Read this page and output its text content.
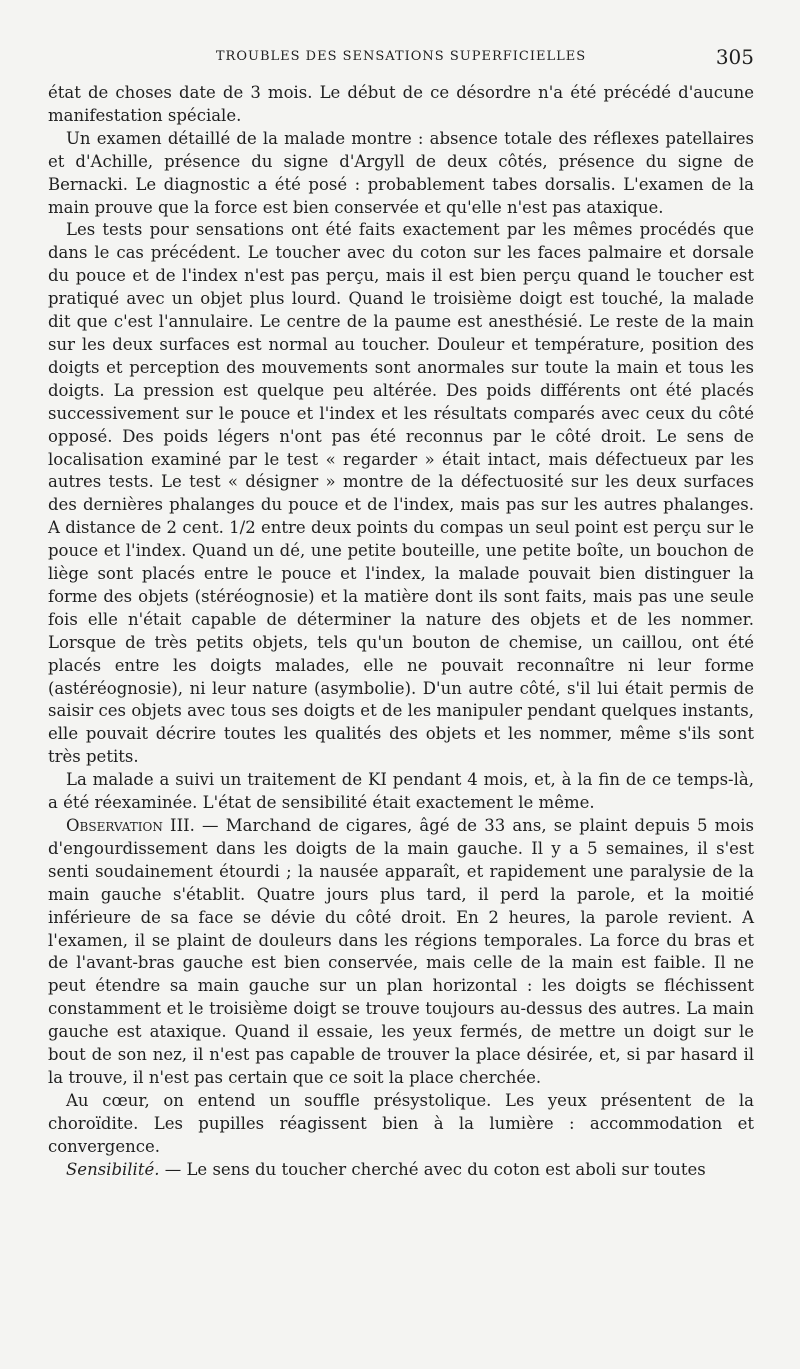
TROUBLES DES SENSATIONS SUPERFICIELLES	305

état de choses date de 3 mois. Le début de ce désordre n'a été précédé d'aucune manifestation spéciale.

Un examen détaillé de la malade montre : absence totale des réflexes patellaires et d'Achille, présence du signe d'Argyll de deux côtés, présence du signe de Bernacki. Le diagnostic a été posé : probablement tabes dorsalis. L'examen de la main prouve que la force est bien conservée et qu'elle n'est pas ataxique.

Les tests pour sensations ont été faits exactement par les mêmes procédés que dans le cas précédent. Le toucher avec du coton sur les faces palmaire et dorsale du pouce et de l'index n'est pas perçu, mais il est bien perçu quand le toucher est pratiqué avec un objet plus lourd. Quand le troisième doigt est touché, la malade dit que c'est l'annulaire. Le centre de la paume est anesthésié. Le reste de la main sur les deux surfaces est normal au toucher. Douleur et température, position des doigts et perception des mouvements sont anormales sur toute la main et tous les doigts. La pression est quelque peu altérée. Des poids différents ont été placés successivement sur le pouce et l'index et les résultats comparés avec ceux du côté opposé. Des poids légers n'ont pas été reconnus par le côté droit. Le sens de localisation examiné par le test « regarder » était intact, mais défectueux par les autres tests. Le test « désigner » montre de la défectuosité sur les deux surfaces des dernières phalanges du pouce et de l'index, mais pas sur les autres phalanges. A distance de 2 cent. 1/2 entre deux points du compas un seul point est perçu sur le pouce et l'index. Quand un dé, une petite bouteille, une petite boîte, un bouchon de liège sont placés entre le pouce et l'index, la malade pouvait bien distinguer la forme des objets (stéréognosie) et la matière dont ils sont faits, mais pas une seule fois elle n'était capable de déterminer la nature des objets et de les nommer. Lorsque de très petits objets, tels qu'un bouton de chemise, un caillou, ont été placés entre les doigts malades, elle ne pouvait reconnaître ni leur forme (astéréognosie), ni leur nature (asymbolie). D'un autre côté, s'il lui était permis de saisir ces objets avec tous ses doigts et de les manipuler pendant quelques instants, elle pouvait décrire toutes les qualités des objets et les nommer, même s'ils sont très petits.

La malade a suivi un traitement de KI pendant 4 mois, et, à la fin de ce temps-là, a été réexaminée. L'état de sensibilité était exactement le même.

Observation III. — Marchand de cigares, âgé de 33 ans, se plaint depuis 5 mois d'engourdissement dans les doigts de la main gauche. Il y a 5 semaines, il s'est senti soudainement étourdi ; la nausée apparaît, et rapidement une paralysie de la main gauche s'établit. Quatre jours plus tard, il perd la parole, et la moitié inférieure de sa face se dévie du côté droit. En 2 heures, la parole revient. A l'examen, il se plaint de douleurs dans les régions temporales. La force du bras et de l'avant-bras gauche est bien conservée, mais celle de la main est faible. Il ne peut étendre sa main gauche sur un plan horizontal : les doigts se fléchissent constamment et le troisième doigt se trouve toujours au-dessus des autres. La main gauche est ataxique. Quand il essaie, les yeux fermés, de mettre un doigt sur le bout de son nez, il n'est pas capable de trouver la place désirée, et, si par hasard il la trouve, il n'est pas certain que ce soit la place cherchée.

Au cœur, on entend un souffle présystolique. Les yeux présentent de la choroïdite. Les pupilles réagissent bien à la lumière : accommodation et convergence.

Sensibilité. — Le sens du toucher cherché avec du coton est aboli sur toutes
